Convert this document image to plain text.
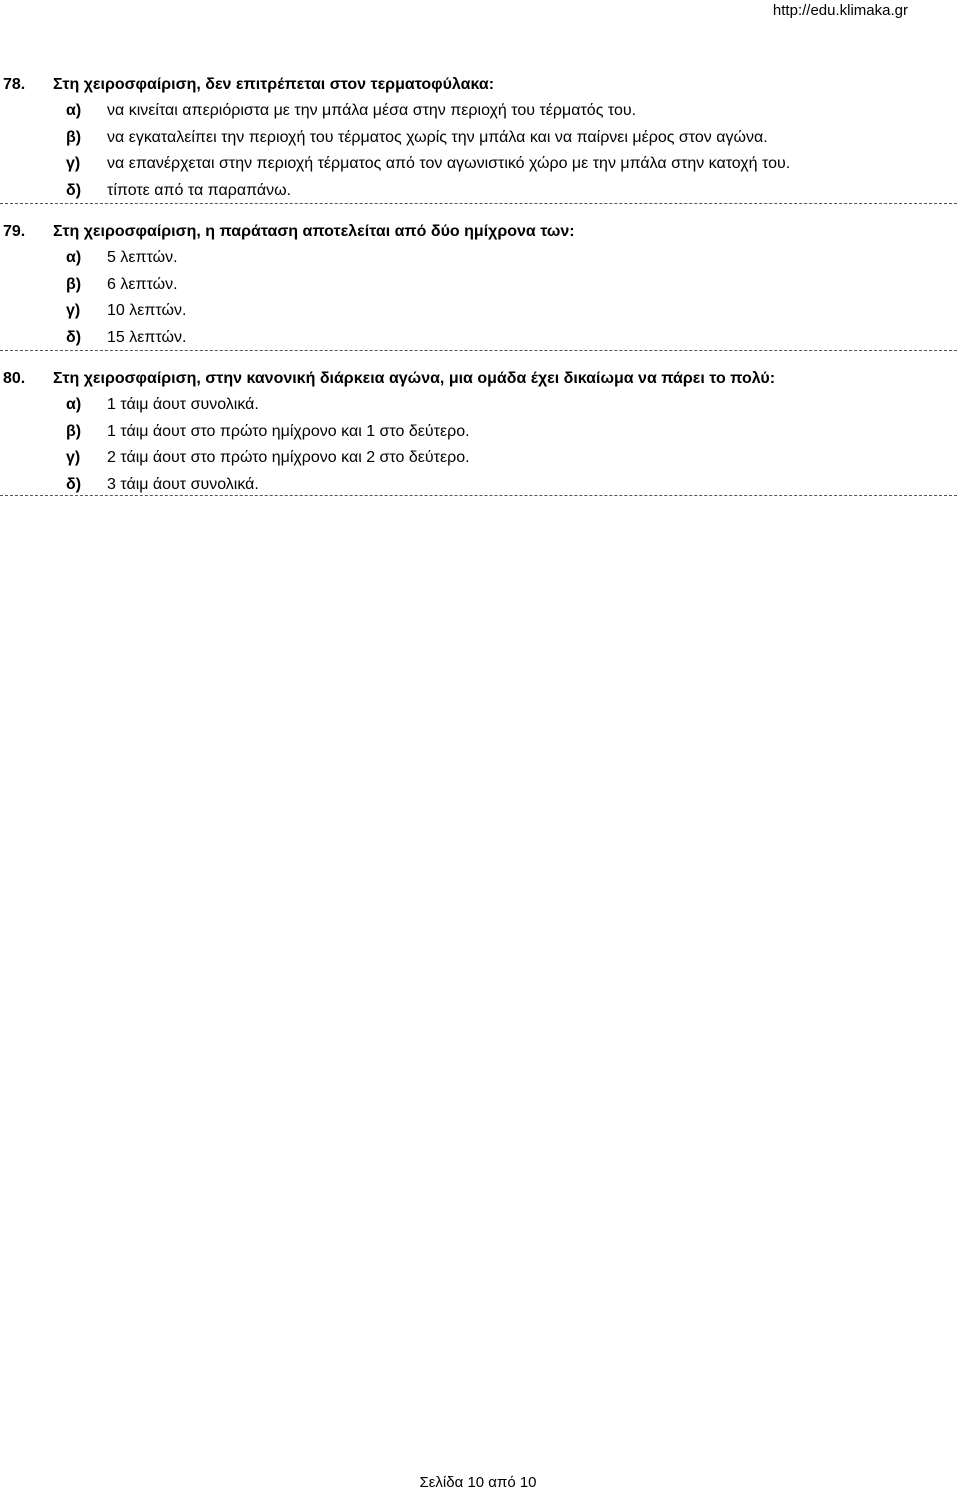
http://edu.klimaka.gr
78. Στη χειροσφαίριση, δεν επιτρέπεται στον τερματοφύλακα:
α) να κινείται απεριόριστα με την μπάλα μέσα στην περιοχή του τέρματός του.
β) να εγκαταλείπει την περιοχή του τέρματος χωρίς την μπάλα και να παίρνει μέρος στον αγώνα.
γ) να επανέρχεται στην περιοχή τέρματος από τον αγωνιστικό χώρο με την μπάλα στην κατοχή του.
δ) τίποτε από τα παραπάνω.
79. Στη χειροσφαίριση, η παράταση αποτελείται από δύο ημίχρονα των:
α) 5 λεπτών.
β) 6 λεπτών.
γ) 10 λεπτών.
δ) 15 λεπτών.
80. Στη χειροσφαίριση, στην κανονική διάρκεια αγώνα, μια ομάδα έχει δικαίωμα να πάρει το πολύ:
α) 1 τάιμ άουτ συνολικά.
β) 1 τάιμ άουτ στο πρώτο ημίχρονο και 1 στο δεύτερο.
γ) 2 τάιμ άουτ στο πρώτο ημίχρονο και 2 στο δεύτερο.
δ) 3 τάιμ άουτ συνολικά.
Σελίδα 10 από 10
